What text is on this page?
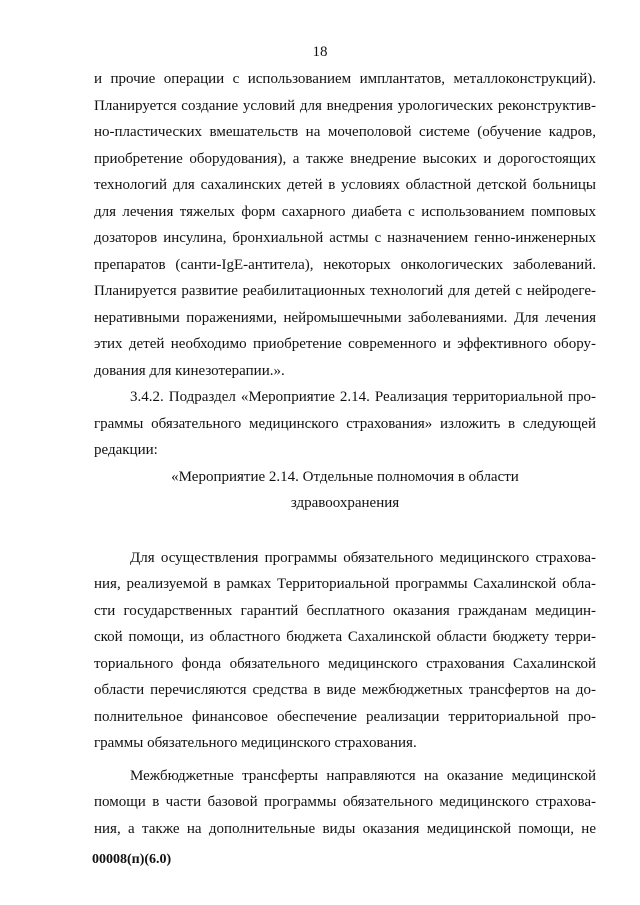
18
и прочие операции с использованием имплантатов, металлоконструкций).
Планируется создание условий для внедрения урологических реконструктив-
но-пластических вмешательств на мочеполовой системе (обучение кадров,
приобретение оборудования), а также внедрение высоких и дорогостоящих
технологий для сахалинских детей в условиях областной детской больницы
для лечения тяжелых форм сахарного диабета с использованием помповых
дозаторов инсулина, бронхиальной астмы с назначением генно-инженерных
препаратов (санти-IgE-антитела), некоторых онкологических заболеваний.
Планируется развитие реабилитационных технологий для детей с нейродеге-
неративными поражениями, нейромышечными заболеваниями. Для лечения
этих детей необходимо приобретение современного и эффективного обору-
дования для кинезотерапии.».
3.4.2. Подраздел «Мероприятие 2.14. Реализация территориальной про-
граммы обязательного медицинского страхования» изложить в следующей
редакции:
«Мероприятие 2.14. Отдельные полномочия в области
здравоохранения
Для осуществления программы обязательного медицинского страхова-
ния, реализуемой в рамках Территориальной программы Сахалинской обла-
сти государственных гарантий бесплатного оказания гражданам медицин-
ской помощи, из областного бюджета Сахалинской области бюджету терри-
ториального фонда обязательного медицинского страхования Сахалинской
области перечисляются средства в виде межбюджетных трансфертов на до-
полнительное финансовое обеспечение реализации территориальной про-
граммы обязательного медицинского страхования.
Межбюджетные трансферты направляются на оказание медицинской
помощи в части базовой программы обязательного медицинского страхова-
ния, а также на дополнительные виды оказания медицинской помощи, не
00008(п)(6.0)
